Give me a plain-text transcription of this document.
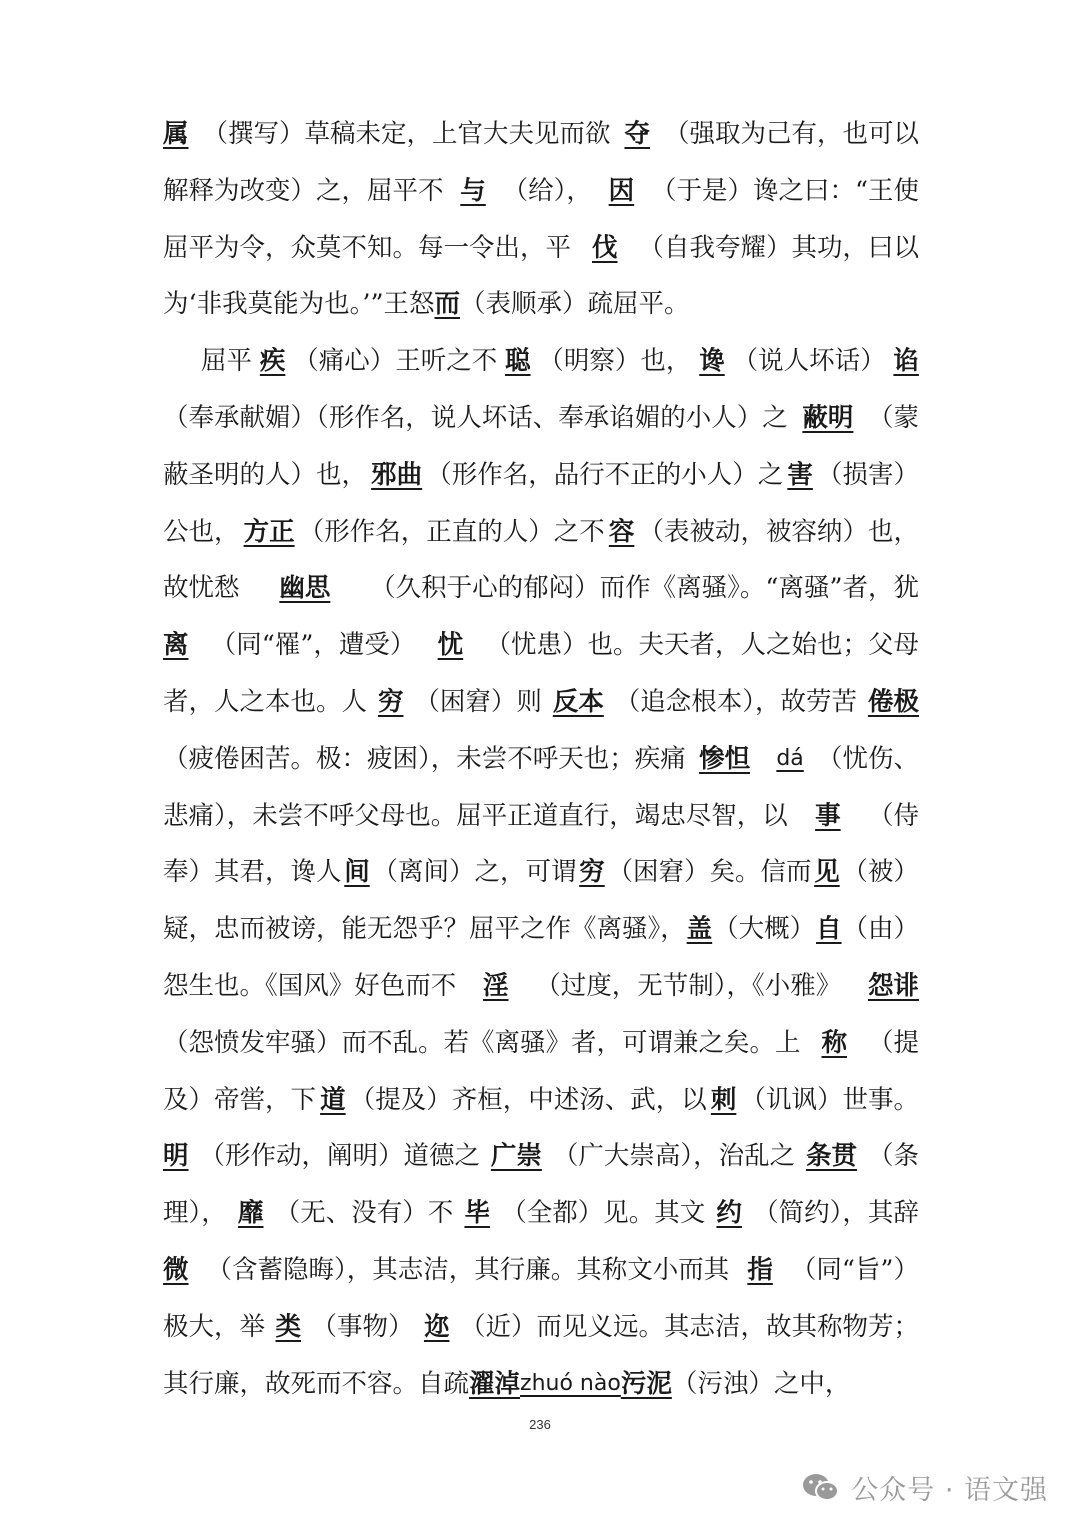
属 （撰写）草稿未定，上官大夫见而欲 夺 （强取为己有，也可以
解释为改变）之，屈平不 与 （给）， 因 （于是）谗之曰：“王使
屈平为令，众莫不知。每一令出，平 伐 （自我夸耀）其功，曰以
为‘非我莫能为也。’”王怒 而 （表顺承）疏屈平。
屈平 疾 （痛心）王听之不 聪 （明察）也， 谗 （说人坏话） 谄
（奉承献媚）（形作名，说人坏话、奉承谄媚的小人）之 蔽明 （蒙
蔽圣明的人）也， 邪曲 （形作名，品行不正的小人）之 害 （损害）
公也， 方正 （形作名，正直的人）之不 容 （表被动，被容纳）也，
故忧愁 幽思 （久积于心的郁闷）而作《离骚》。“离骚”者，犹
离 （同“罹”，遭受） 忧 （忧患）也。夫天者，人之始也；父母
者，人之本也。人 穷 （困窘）则 反本 （追念根本），故劳苦 倦极
（疲倦困苦。极：疲困），未尝不呼天也；疾痛 惨怛 dá （忧伤、
悲痛），未尝不呼父母也。屈平正道直行，竭忠尽智，以 事 （侍
奉）其君，谗人 间 （离间）之，可谓 穷 （困窘）矣。信而 见 （被）
疑，忠而被谤，能无怨乎？屈平之作《离骚》， 盖 （大概） 自 （由）
怨生也。《国风》好色而不 淫 （过度，无节制），《小雅》 怨诽
（怨愤发牢骚）而不乱。若《离骚》者，可谓兼之矣。上 称 （提
及）帝喾，下 道 （提及）齐桓，中述汤、武，以 刺 （讥讽）世事。
明 （形作动，阐明）道德之 广崇 （广大崇高），治乱之 条贯 （条
理）， 靡 （无、没有）不 毕 （全都）见。其文 约 （简约），其辞
微 （含蓄隐晦），其志洁，其行廉。其称文小而其 指 （同“旨”）
极大，举 类 （事物） 迩 （近）而见义远。其志洁，故其称物芳；
其行廉，故死而不容。自疏 濯淖 zhuó nào 污泥 （污浊）之中，
236
公众号 · 语文强
